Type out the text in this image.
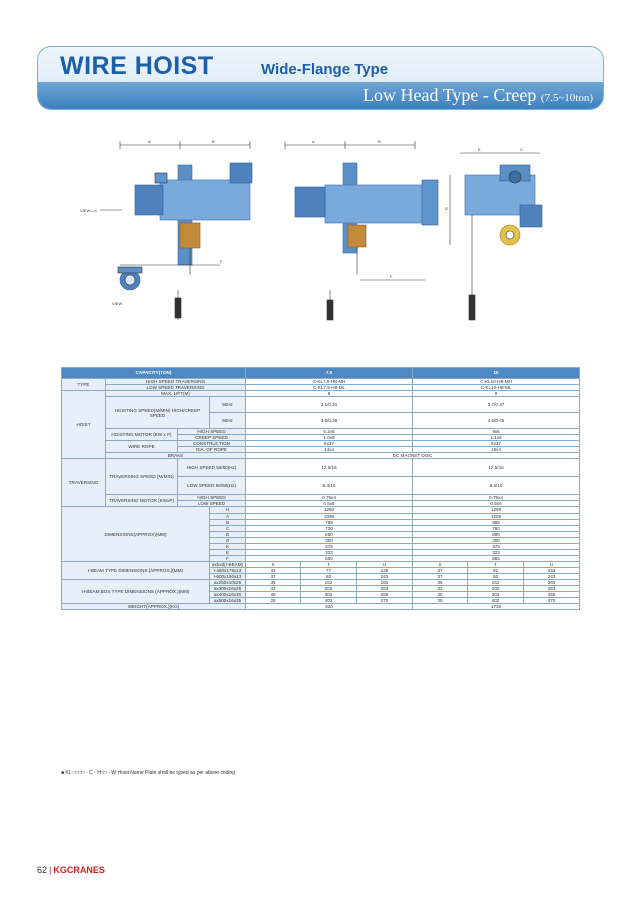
WIRE HOIST	Wide-Flange Type
Low Head Type - Creep (7.5~10ton)
A	B	A	B
E	C
F
F
G
VIEW—X
VIEW
CAPACITY(TON)				7.5			10		
TYPE	HIGH SPEED TRAVERSING			C-KL7.5-H8-MH			C-KL10-H8-MH		
	LOW SPEED TRAVERSING			C-KL7.5-H8-ML			C-KL10-H8-ML		
HOIST	MAX. LIFT(M)			8			8		
	HOISTING SPEED(M/MIN) HIGH/CREEP SPEED		50Hz	3.1/0.31			3.7/0.37		
			60Hz	3.8/0.38			4.5/0.45		
	HOISTING MOTOR (KW x P)	HIGH SPEED		5.2x6			9x6		
		CREEP SPEED		1.0x6			1.1x6		
	WIRE ROPE	CONSTRUCTION		6x37			6x37		
		DIA. OF ROPE		14x4			16x4		
	BRAKE			DC MAGNET DISC					
TRAVERSING	TRAVERSING SPEED (M/MIN)	HIGH SPEED 50/60(Hz)		12.5/15			12.5/15		
		LOW SPEED 50/60(Hz)		8.3/10			8.3/10		
	TRAVERSING MOTOR (KWxP)	HIGH SPEED		0.75x4			0.75x4		
		LOW SPEED		0.5x6			0.5x6		
DIMENSIONS(APPROX)(MM)			H	1250			1290		
			A	1099			1205		
			B	789			885		
			C	720			750		
			D	660			690		
			G	300			300		
			K	375			375		
			E	323			323		
			F	800			865		
I-BEAM TYPE DIMENSIONS (APPROX.)(MM)			axbxd(I-BEAM)	S	T	U	S	T	U
			I-450x175x13	32	77	248	37	92	243
			I-600x190x13	37	92	243	37	92	243
H-BEAM,BOX TYPE DIMENSIONS (APPROX.)(MM)			ax250x10x25	35	152	260	35	152	260
			ax300x16x28	32	202	263	32	202	263
			ax400x16x30	30	302	265	30	302	265
			ax500x16x35	25	402	270	25	402	270
WEIGHT(APPROX.)(KG)				920			1730		
■ KL □□□□ - C - H□□ - W Hoist Name Plate shall be typed as per above coding
62 | KGCRANES
